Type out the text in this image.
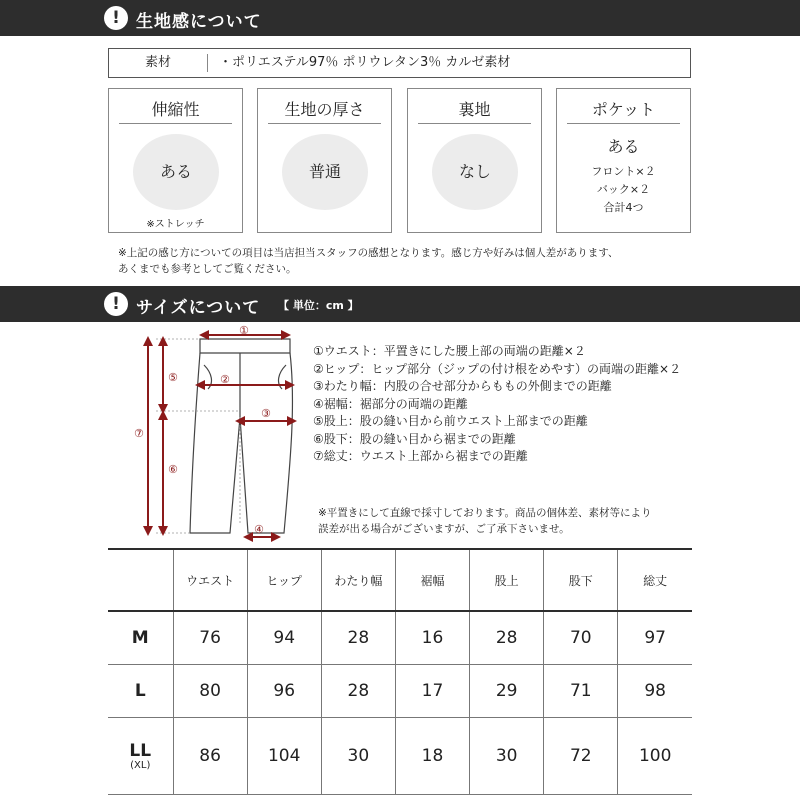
! 生地感について
素材	・ポリエステル97％ ポリウレタン3％ カルゼ素材
伸縮性
ある
※ストレッチ
生地の厚さ
普通
裏地
なし
ポケット
ある
フロント×２
バック×２
合計4つ
※上記の感じ方についての項目は当店担当スタッフの感想となります。感じ方や好みは個人差があります、
あくまでも参考としてご覧ください。
! サイズについて 【 単位：cm 】
①
②
③
④
⑤
⑥
⑦
①ウエスト：平置きにした腰上部の両端の距離×２
②ヒップ：ヒップ部分（ジップの付け根をめやす）の両端の距離×２
③わたり幅：内股の合せ部分からももの外側までの距離
④裾幅：裾部分の両端の距離
⑤股上：股の縫い目から前ウエスト上部までの距離
⑥股下：股の縫い目から裾までの距離
⑦総丈：ウエスト上部から裾までの距離
※平置きにして直線で採寸しております。商品の個体差、素材等により
誤差が出る場合がございますが、ご了承下さいませ。
	ウエスト	ヒップ	わたり幅	裾幅	股上	股下	総丈
M	76	94	28	16	28	70	97
L	80	96	28	17	29	71	98
LL
(XL)	86	104	30	18	30	72	100
